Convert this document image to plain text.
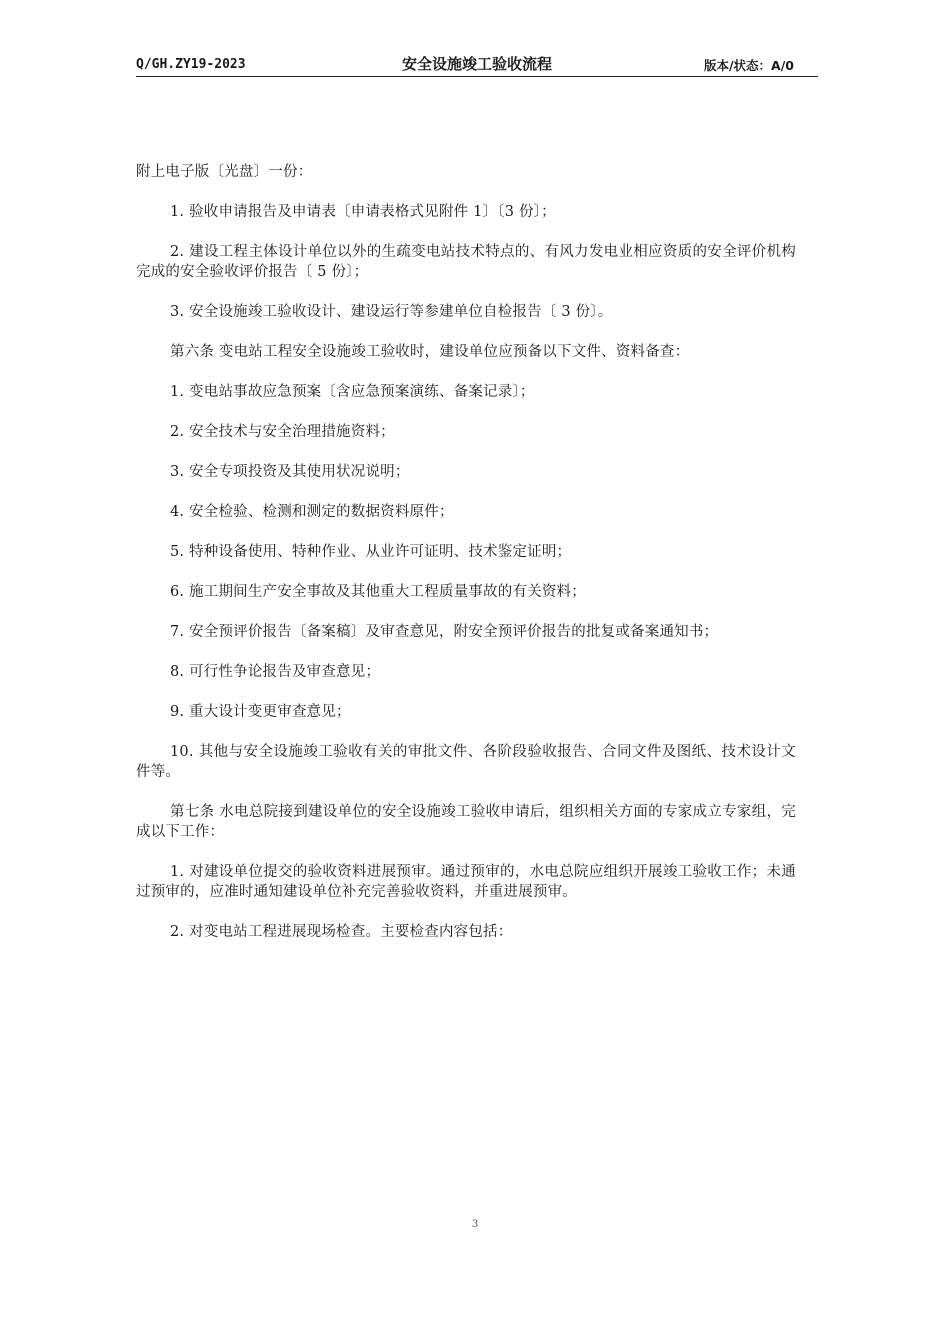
Q/GH.ZY19-2023	安全设施竣工验收流程	版本/状态：A/0

附上电子版〔光盘〕一份：

1. 验收申请报告及申请表〔申请表格式见附件 1〕〔3 份〕；

2. 建设工程主体设计单位以外的生疏变电站技术特点的、有风力发电业相应资质的安全评价机构完成的安全验收评价报告〔 5 份〕；

3. 安全设施竣工验收设计、建设运行等参建单位自检报告〔 3 份〕。

第六条 变电站工程安全设施竣工验收时，建设单位应预备以下文件、资料备查：

1. 变电站事故应急预案〔含应急预案演练、备案记录〕；

2. 安全技术与安全治理措施资料；

3. 安全专项投资及其使用状况说明；

4. 安全检验、检测和测定的数据资料原件；

5. 特种设备使用、特种作业、从业许可证明、技术鉴定证明；

6. 施工期间生产安全事故及其他重大工程质量事故的有关资料；

7. 安全预评价报告〔备案稿〕及审查意见，附安全预评价报告的批复或备案通知书；

8. 可行性争论报告及审查意见；

9. 重大设计变更审查意见；

10. 其他与安全设施竣工验收有关的审批文件、各阶段验收报告、合同文件及图纸、技术设计文件等。

第七条 水电总院接到建设单位的安全设施竣工验收申请后，组织相关方面的专家成立专家组，完成以下工作：

1. 对建设单位提交的验收资料进展预审。通过预审的，水电总院应组织开展竣工验收工作；未通过预审的，应准时通知建设单位补充完善验收资料，并重进展预审。

2. 对变电站工程进展现场检查。主要检查内容包括：

3
